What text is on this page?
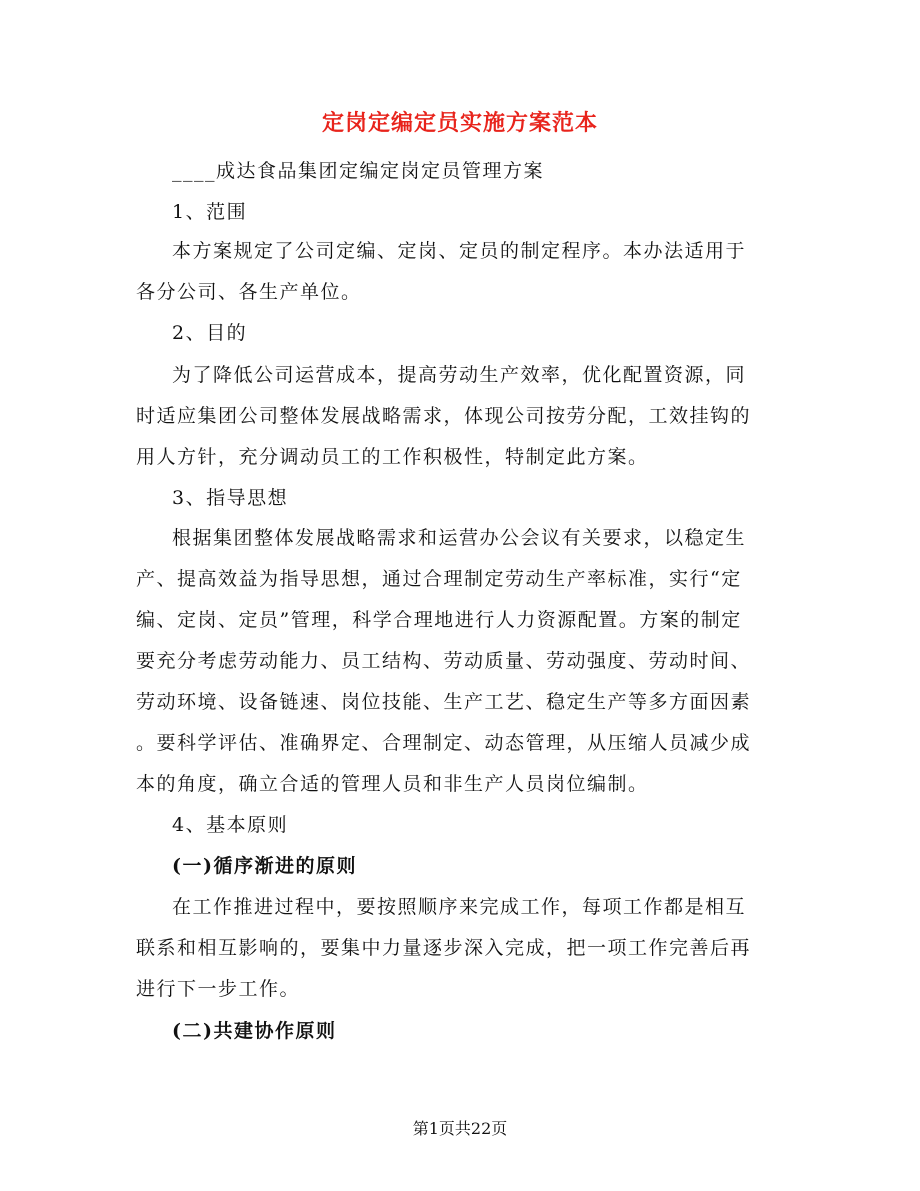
定岗定编定员实施方案范本
____成达食品集团定编定岗定员管理方案
1、范围
本方案规定了公司定编、定岗、定员的制定程序。本办法适用于
各分公司、各生产单位。
2、目的
为了降低公司运营成本，提高劳动生产效率，优化配置资源，同
时适应集团公司整体发展战略需求，体现公司按劳分配，工效挂钩的
用人方针，充分调动员工的工作积极性，特制定此方案。
3、指导思想
根据集团整体发展战略需求和运营办公会议有关要求，以稳定生
产、提高效益为指导思想，通过合理制定劳动生产率标准，实行“定
编、定岗、定员”管理，科学合理地进行人力资源配置。方案的制定
要充分考虑劳动能力、员工结构、劳动质量、劳动强度、劳动时间、
劳动环境、设备链速、岗位技能、生产工艺、稳定生产等多方面因素
。要科学评估、准确界定、合理制定、动态管理，从压缩人员减少成
本的角度，确立合适的管理人员和非生产人员岗位编制。
4、基本原则
(一)循序渐进的原则
在工作推进过程中，要按照顺序来完成工作，每项工作都是相互
联系和相互影响的，要集中力量逐步深入完成，把一项工作完善后再
进行下一步工作。
(二)共建协作原则
第1页共22页
